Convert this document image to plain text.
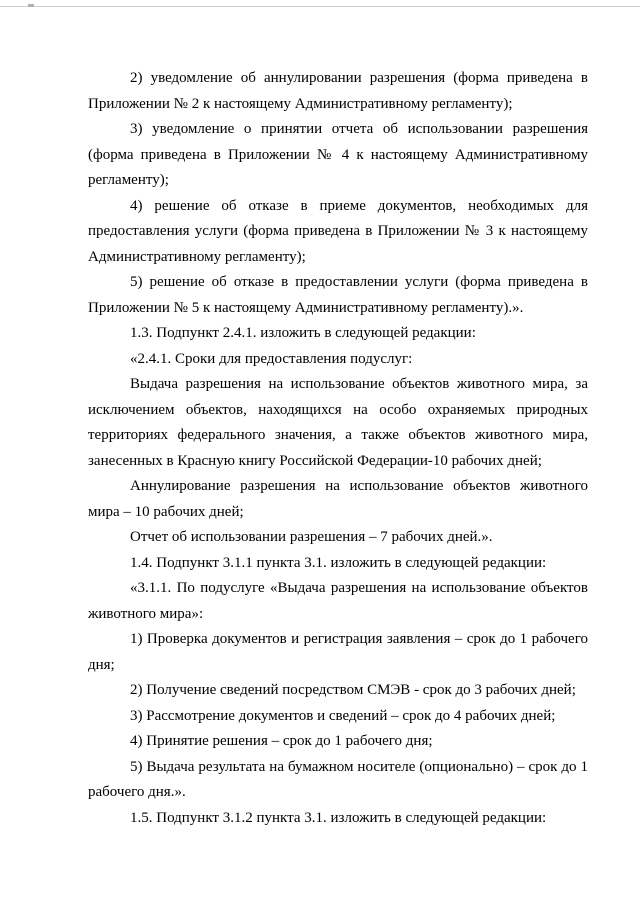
2) уведомление об аннулировании разрешения (форма приведена в Приложении № 2 к настоящему Административному регламенту);

3) уведомление о принятии отчета об использовании разрешения (форма приведена в Приложении № 4 к настоящему Административному регламенту);

4) решение об отказе в приеме документов, необходимых для предоставления услуги (форма приведена в Приложении № 3 к настоящему Административному регламенту);

5) решение об отказе в предоставлении услуги (форма приведена в Приложении № 5 к настоящему Административному регламенту).».

1.3. Подпункт 2.4.1. изложить в следующей редакции:

«2.4.1. Сроки для предоставления подуслуг:

Выдача разрешения на использование объектов животного мира, за исключением объектов, находящихся на особо охраняемых природных территориях федерального значения, а также объектов животного мира, занесенных в Красную книгу Российской Федерации-10 рабочих дней;

Аннулирование разрешения на использование объектов животного мира – 10 рабочих дней;

Отчет об использовании разрешения – 7 рабочих дней.».

1.4. Подпункт 3.1.1 пункта 3.1. изложить в следующей редакции:

«3.1.1. По подуслуге «Выдача разрешения на использование объектов животного мира»:

1) Проверка документов и регистрация заявления – срок до 1 рабочего дня;

2) Получение сведений посредством СМЭВ - срок до 3 рабочих дней;

3) Рассмотрение документов и сведений – срок до 4 рабочих дней;

4) Принятие решения – срок до 1 рабочего дня;

5) Выдача результата на бумажном носителе (опционально) – срок до 1 рабочего дня.».

1.5. Подпункт 3.1.2 пункта 3.1. изложить в следующей редакции:
